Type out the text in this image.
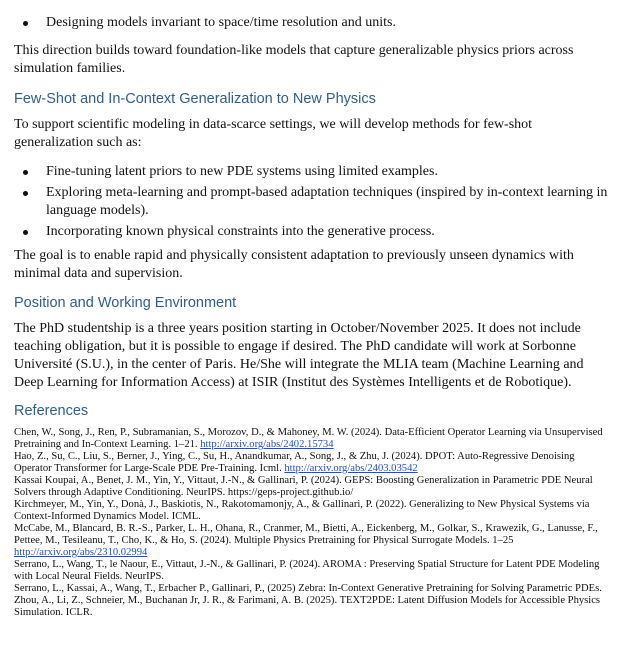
Designing models invariant to space/time resolution and units.

This direction builds toward foundation-like models that capture generalizable physics priors across simulation families.

Few-Shot and In-Context Generalization to New Physics

To support scientific modeling in data-scarce settings, we will develop methods for few-shot generalization such as:

Fine-tuning latent priors to new PDE systems using limited examples.
Exploring meta-learning and prompt-based adaptation techniques (inspired by in-context learning in language models).
Incorporating known physical constraints into the generative process.

The goal is to enable rapid and physically consistent adaptation to previously unseen dynamics with minimal data and supervision.

Position and Working Environment

The PhD studentship is a three years position starting in October/November 2025. It does not include teaching obligation, but it is possible to engage if desired. The PhD candidate will work at Sorbonne Université (S.U.), in the center of Paris. He/She will integrate the MLIA team (Machine Learning and Deep Learning for Information Access) at ISIR (Institut des Systèmes Intelligents et de Robotique).

References

Chen, W., Song, J., Ren, P., Subramanian, S., Morozov, D., & Mahoney, M. W. (2024). Data-Efficient Operator Learning via Unsupervised Pretraining and In-Context Learning. 1–21. http://arxiv.org/abs/2402.15734

Hao, Z., Su, C., Liu, S., Berner, J., Ying, C., Su, H., Anandkumar, A., Song, J., & Zhu, J. (2024). DPOT: Auto-Regressive Denoising Operator Transformer for Large-Scale PDE Pre-Training. Icml. http://arxiv.org/abs/2403.03542

Kassai Koupai, A., Benet, J. M., Yin, Y., Vittaut, J.-N., & Gallinari, P. (2024). GEPS: Boosting Generalization in Parametric PDE Neural Solvers through Adaptive Conditioning. NeurIPS. https://geps-project.github.io/

Kirchmeyer, M., Yin, Y., Donà, J., Baskiotis, N., Rakotomamonjy, A., & Gallinari, P. (2022). Generalizing to New Physical Systems via Context-Informed Dynamics Model. ICML.

McCabe, M., Blancard, B. R.-S., Parker, L. H., Ohana, R., Cranmer, M., Bietti, A., Eickenberg, M., Golkar, S., Krawezik, G., Lanusse, F., Pettee, M., Tesileanu, T., Cho, K., & Ho, S. (2024). Multiple Physics Pretraining for Physical Surrogate Models. 1–25
http://arxiv.org/abs/2310.02994

Serrano, L., Wang, T., le Naour, E., Vittaut, J.-N., & Gallinari, P. (2024). AROMA : Preserving Spatial Structure for Latent PDE Modeling with Local Neural Fields. NeurIPS.

Serrano, L., Kassai, A., Wang, T., Erbacher P., Gallinari, P., (2025) Zebra: In-Context Generative Pretraining for Solving Parametric PDEs.

Zhou, A., Li, Z., Schneier, M., Buchanan Jr, J. R., & Farimani, A. B. (2025). TEXT2PDE: Latent Diffusion Models for Accessible Physics Simulation. ICLR.
